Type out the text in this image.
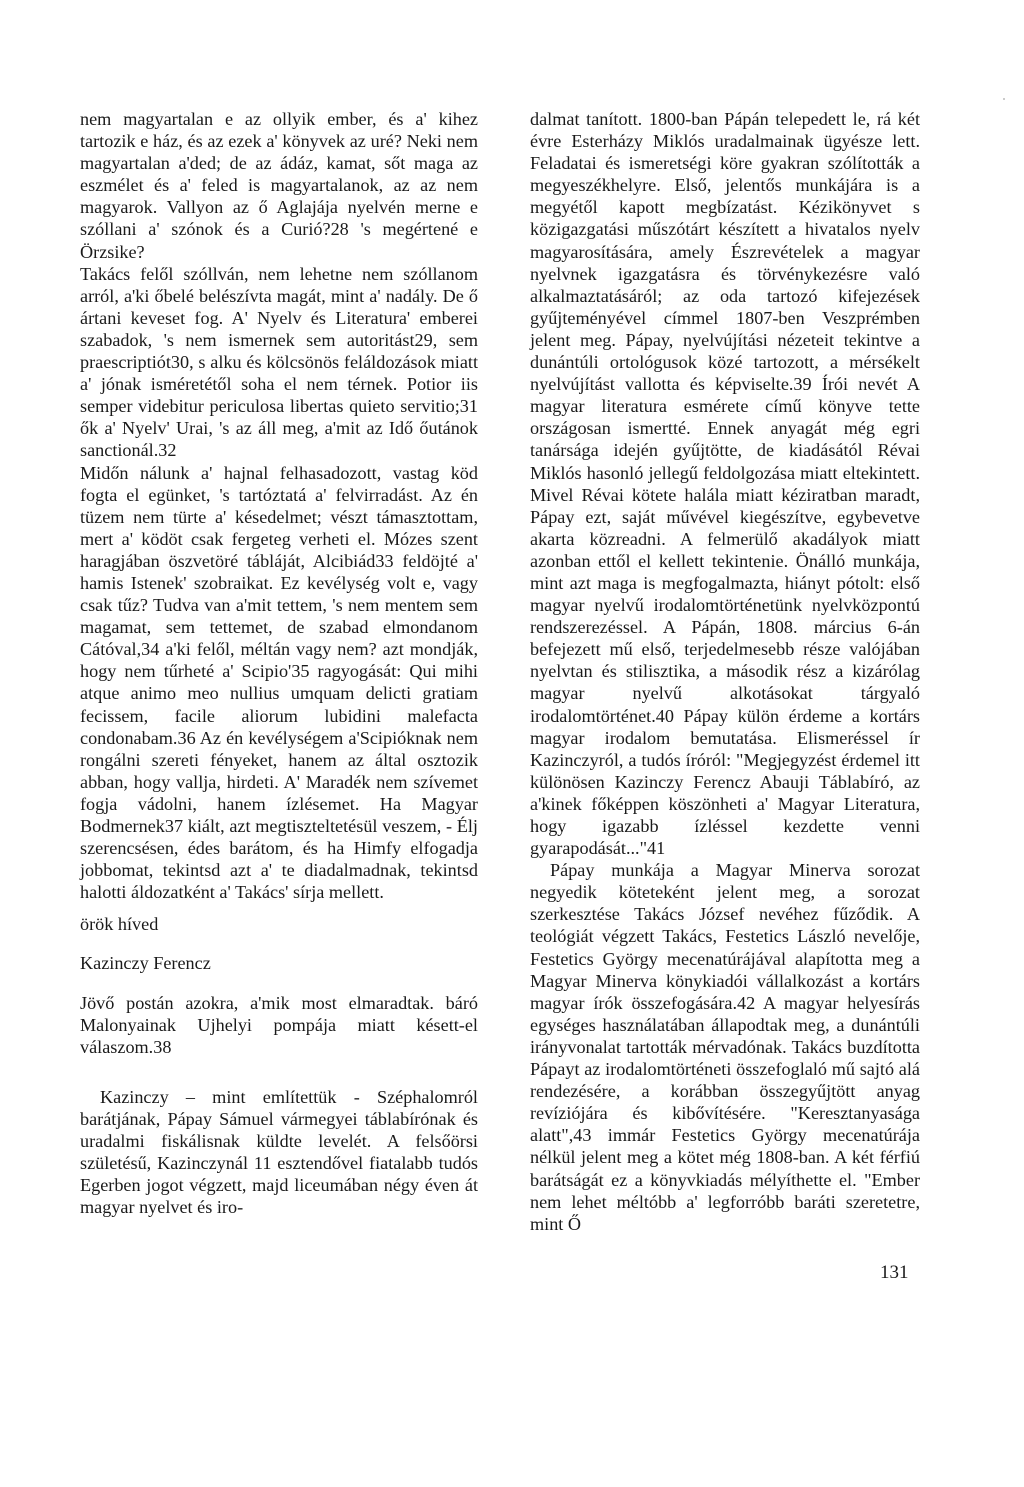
nem magyartalan e az ollyik ember, és a' kihez tartozik e ház, és az ezek a' könyvek az uré? Neki nem magyartalan a'ded; de az ádáz, kamat, sőt maga az eszmélet és a' feled is magyartalanok, az az nem magyarok. Vallyon az ő Aglajája nyelvén merne e szóllani a' szónok és a Curió?28 's megértené e Örzsike?

Takács felől szóllván, nem lehetne nem szóllanom arról, a'ki őbelé belészívta magát, mint a' nadály. De ő ártani keveset fog. A' Nyelv és Literatura' emberei szabadok, 's nem ismernek sem autoritást29, sem praescriptiót30, s alku és kölcsönös feláldozások miatt a' jónak isméretétől soha el nem térnek. Potior iis semper videbitur periculosa libertas quieto servitio;31 ők a' Nyelv' Urai, 's az áll meg, a'mit az Idő őutánok sanctionál.32

Midőn nálunk a' hajnal felhasadozott, vastag köd fogta el egünket, 's tartóztatá a' felvirradást. Az én tüzem nem türte a' késedelmet; vészt támasztottam, mert a' ködöt csak fergeteg verheti el. Mózes szent haragjában öszvetöré tábláját, Alcibiád33 feldöjté a' hamis Istenek' szobraikat. Ez kevélység volt e, vagy csak tűz? Tudva van a'mit tettem, 's nem mentem sem magamat, sem tettemet, de szabad elmondanom Cátóval,34 a'ki felől, méltán vagy nem? azt mondják, hogy nem tűrheté a' Scipio'35 ragyogását: Qui mihi atque animo meo nullius umquam delicti gratiam fecissem, facile aliorum lubidini malefacta condonabam.36 Az én kevélységem a'Scipióknak nem rongálni szereti fényeket, hanem az által osztozik abban, hogy vallja, hirdeti. A' Maradék nem szívemet fogja vádolni, hanem ízlésemet. Ha Magyar Bodmernek37 kiált, azt megtiszteltetésül veszem, - Élj szerencsésen, édes barátom, és ha Himfy elfogadja jobbomat, tekintsd azt a' te diadalmadnak, tekintsd halotti áldozatként a' Takács' sírja mellett.

örök híved

Kazinczy Ferencz

Jövő postán azokra, a'mik most elmaradtak. báró Malonyainak Ujhelyi pompája miatt késett-el válaszom.38

Kazinczy – mint említettük - Széphalomról barátjának, Pápay Sámuel vármegyei táblabírónak és uradalmi fiskálisnak küldte levelét. A felsőörsi születésű, Kazinczynál 11 esztendővel fiatalabb tudós Egerben jogot végzett, majd liceumában négy éven át magyar nyelvet és iro-

dalmat tanított. 1800-ban Pápán telepedett le, rá két évre Esterházy Miklós uradalmainak ügyésze lett. Feladatai és ismeretségi köre gyakran szólították a megyeszékhelyre. Első, jelentős munkájára is a megyétől kapott megbízatást. Kézikönyvet s közigazgatási műszótárt készített a hivatalos nyelv magyarosítására, amely Észrevételek a magyar nyelvnek igazgatásra és törvénykezésre való alkalmaztatásáról; az oda tartozó kifejezések gyűjteményével címmel 1807-ben Veszprémben jelent meg. Pápay, nyelvújítási nézeteit tekintve a dunántúli ortológusok közé tartozott, a mérsékelt nyelvújítást vallotta és képviselte.39 Írói nevét A magyar literatura esmérete című könyve tette országosan ismertté. Ennek anyagát még egri tanársága idején gyűjtötte, de kiadásától Révai Miklós hasonló jellegű feldolgozása miatt eltekintett. Mivel Révai kötete halála miatt kéziratban maradt, Pápay ezt, saját művével kiegészítve, egybevetve akarta közreadni. A felmerülő akadályok miatt azonban ettől el kellett tekintenie. Önálló munkája, mint azt maga is megfogalmazta, hiányt pótolt: első magyar nyelvű irodalomtörténetünk nyelvközpontú rendszerezéssel. A Pápán, 1808. március 6-án befejezett mű első, terjedelmesebb része valójában nyelvtan és stilisztika, a második rész a kizárólag magyar nyelvű alkotásokat tárgyaló irodalomtörténet.40 Pápay külön érdeme a kortárs magyar irodalom bemutatása. Elismeréssel ír Kazinczyról, a tudós íróról: "Megjegyzést érdemel itt különösen Kazinczy Ferencz Abauji Táblabíró, az a'kinek főképpen köszönheti a' Magyar Literatura, hogy igazabb ízléssel kezdette venni gyarapodását..."41

Pápay munkája a Magyar Minerva sorozat negyedik köteteként jelent meg, a sorozat szerkesztése Takács József nevéhez fűződik. A teológiát végzett Takács, Festetics László nevelője, Festetics György mecenatúrájával alapította meg a Magyar Minerva könykiadói vállalkozást a kortárs magyar írók összefogására.42 A magyar helyesírás egységes használatában állapodtak meg, a dunántúli irányvonalat tartották mérvadónak. Takács buzdította Pápayt az irodalomtörténeti összefoglaló mű sajtó alá rendezésére, a korábban összegyűjtött anyag revíziójára és kibővítésére. "Keresztanyasága alatt",43 immár Festetics György mecenatúrája nélkül jelent meg a kötet még 1808-ban. A két férfiú barátságát ez a könyvkiadás mélyíthette el. "Ember nem lehet méltóbb a' legforróbb baráti szeretetre, mint Ő

131
